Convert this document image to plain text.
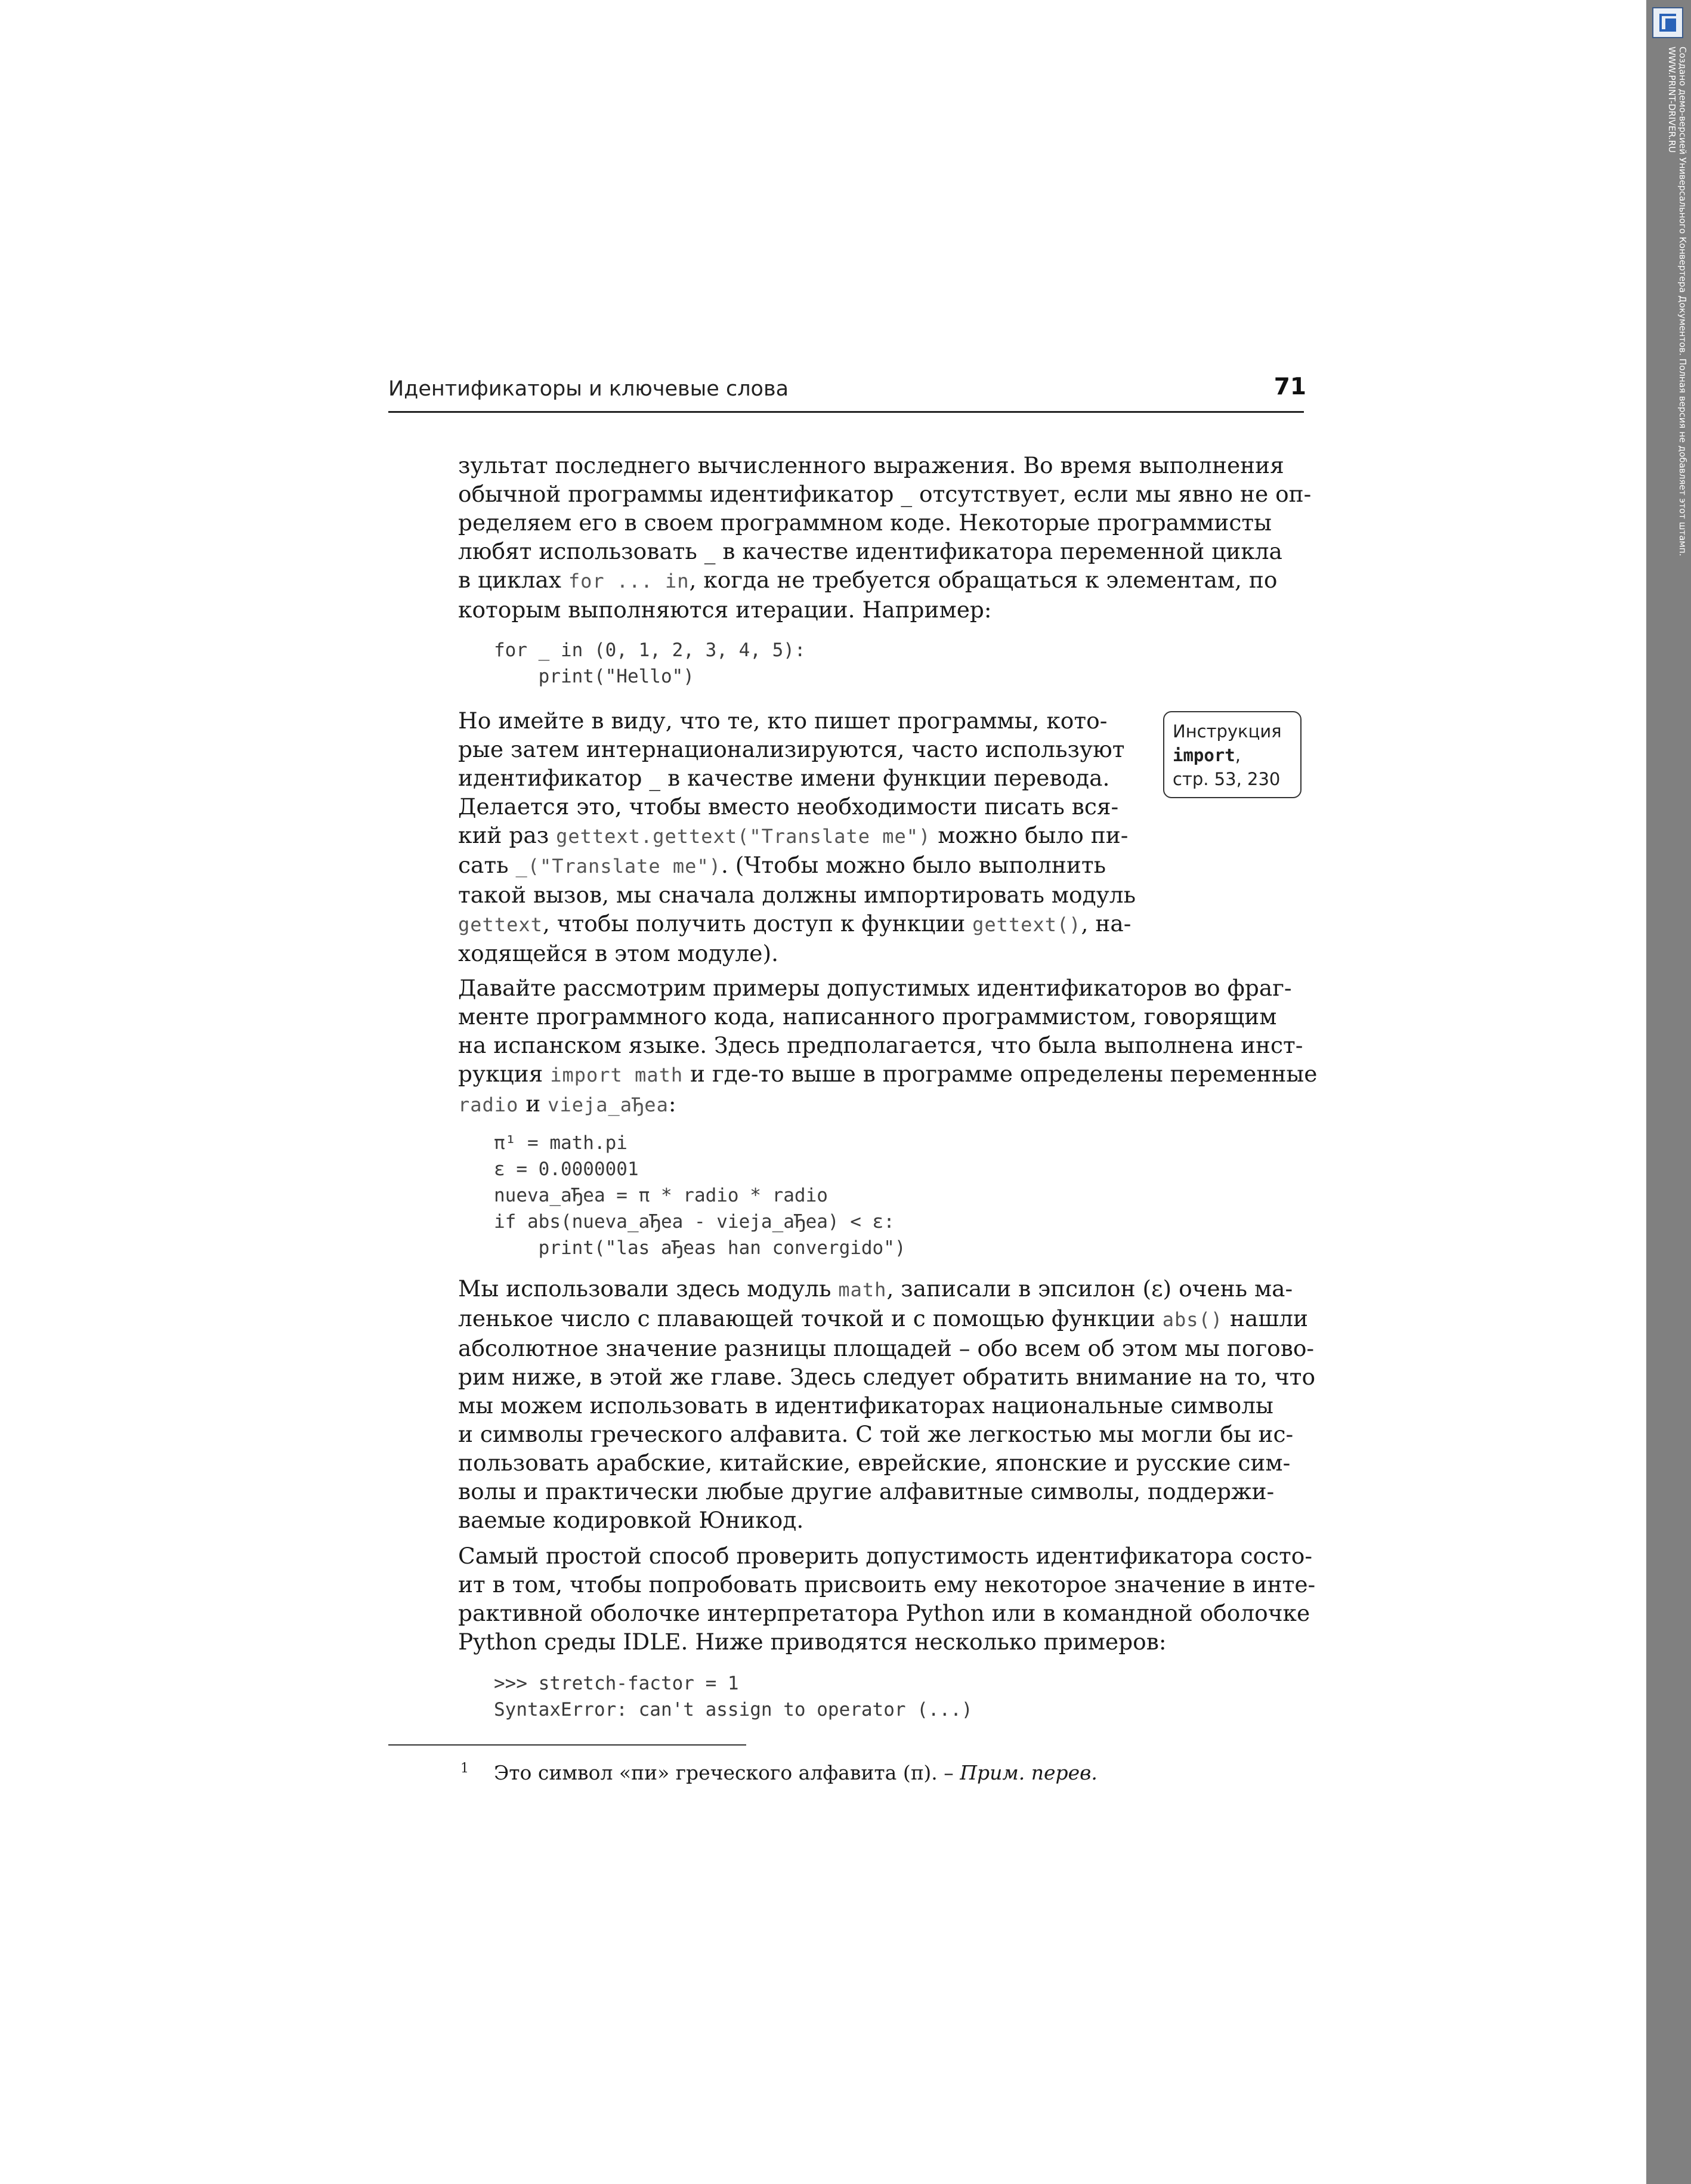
Идентификаторы и ключевые слова	71

зультат последнего вычисленного выражения. Во время выполнения
обычной программы идентификатор _ отсутствует, если мы явно не оп-
ределяем его в своем программном коде. Некоторые программисты
любят использовать _ в качестве идентификатора переменной цикла
в циклах for ... in, когда не требуется обращаться к элементам, по
которым выполняются итерации. Например:

for _ in (0, 1, 2, 3, 4, 5):
print("Hello")

Но имейте в виду, что те, кто пишет программы, кото-
рые затем интернационализируются, часто используют
идентификатор _ в качестве имени функции перевода.
Делается это, чтобы вместо необходимости писать вся-
кий раз gettext.gettext("Translate me") можно было пи-
сать _("Translate me"). (Чтобы можно было выполнить
такой вызов, мы сначала должны импортировать модуль
gettext, чтобы получить доступ к функции gettext(), на-
ходящейся в этом модуле).

Инструкция
import,
стр. 53, 230

Давайте рассмотрим примеры допустимых идентификаторов во фраг-
менте программного кода, написанного программистом, говорящим
на испанском языке. Здесь предполагается, что была выполнена инст-
рукция import math и где-то выше в программе определены переменные
radio и vieja_aЂea:

π¹ = math.pi
ε = 0.0000001
nueva_aЂea = π * radio * radio
if abs(nueva_aЂea - vieja_aЂea) < ε:
print("las aЂeas han convergido")

Мы использовали здесь модуль math, записали в эпсилон (ε) очень ма-
ленькое число с плавающей точкой и с помощью функции abs() нашли
абсолютное значение разницы площадей – обо всем об этом мы погово-
рим ниже, в этой же главе. Здесь следует обратить внимание на то, что
мы можем использовать в идентификаторах национальные символы
и символы греческого алфавита. С той же легкостью мы могли бы ис-
пользовать арабские, китайские, еврейские, японские и русские сим-
волы и практически любые другие алфавитные символы, поддержи-
ваемые кодировкой Юникод.

Самый простой способ проверить допустимость идентификатора состо-
ит в том, чтобы попробовать присвоить ему некоторое значение в инте-
рактивной оболочке интерпретатора Python или в командной оболочке
Python среды IDLE. Ниже приводятся несколько примеров:

>>> stretch-factor = 1
SyntaxError: can't assign to operator (...)
1 Это символ «пи» греческого алфавита (π). – Прим. перев.
Создано демо-версией Универсального Конвертера Документов. Полная версия не добавляет этот штамп.
WWW.PRINT-DRIVER.RU
